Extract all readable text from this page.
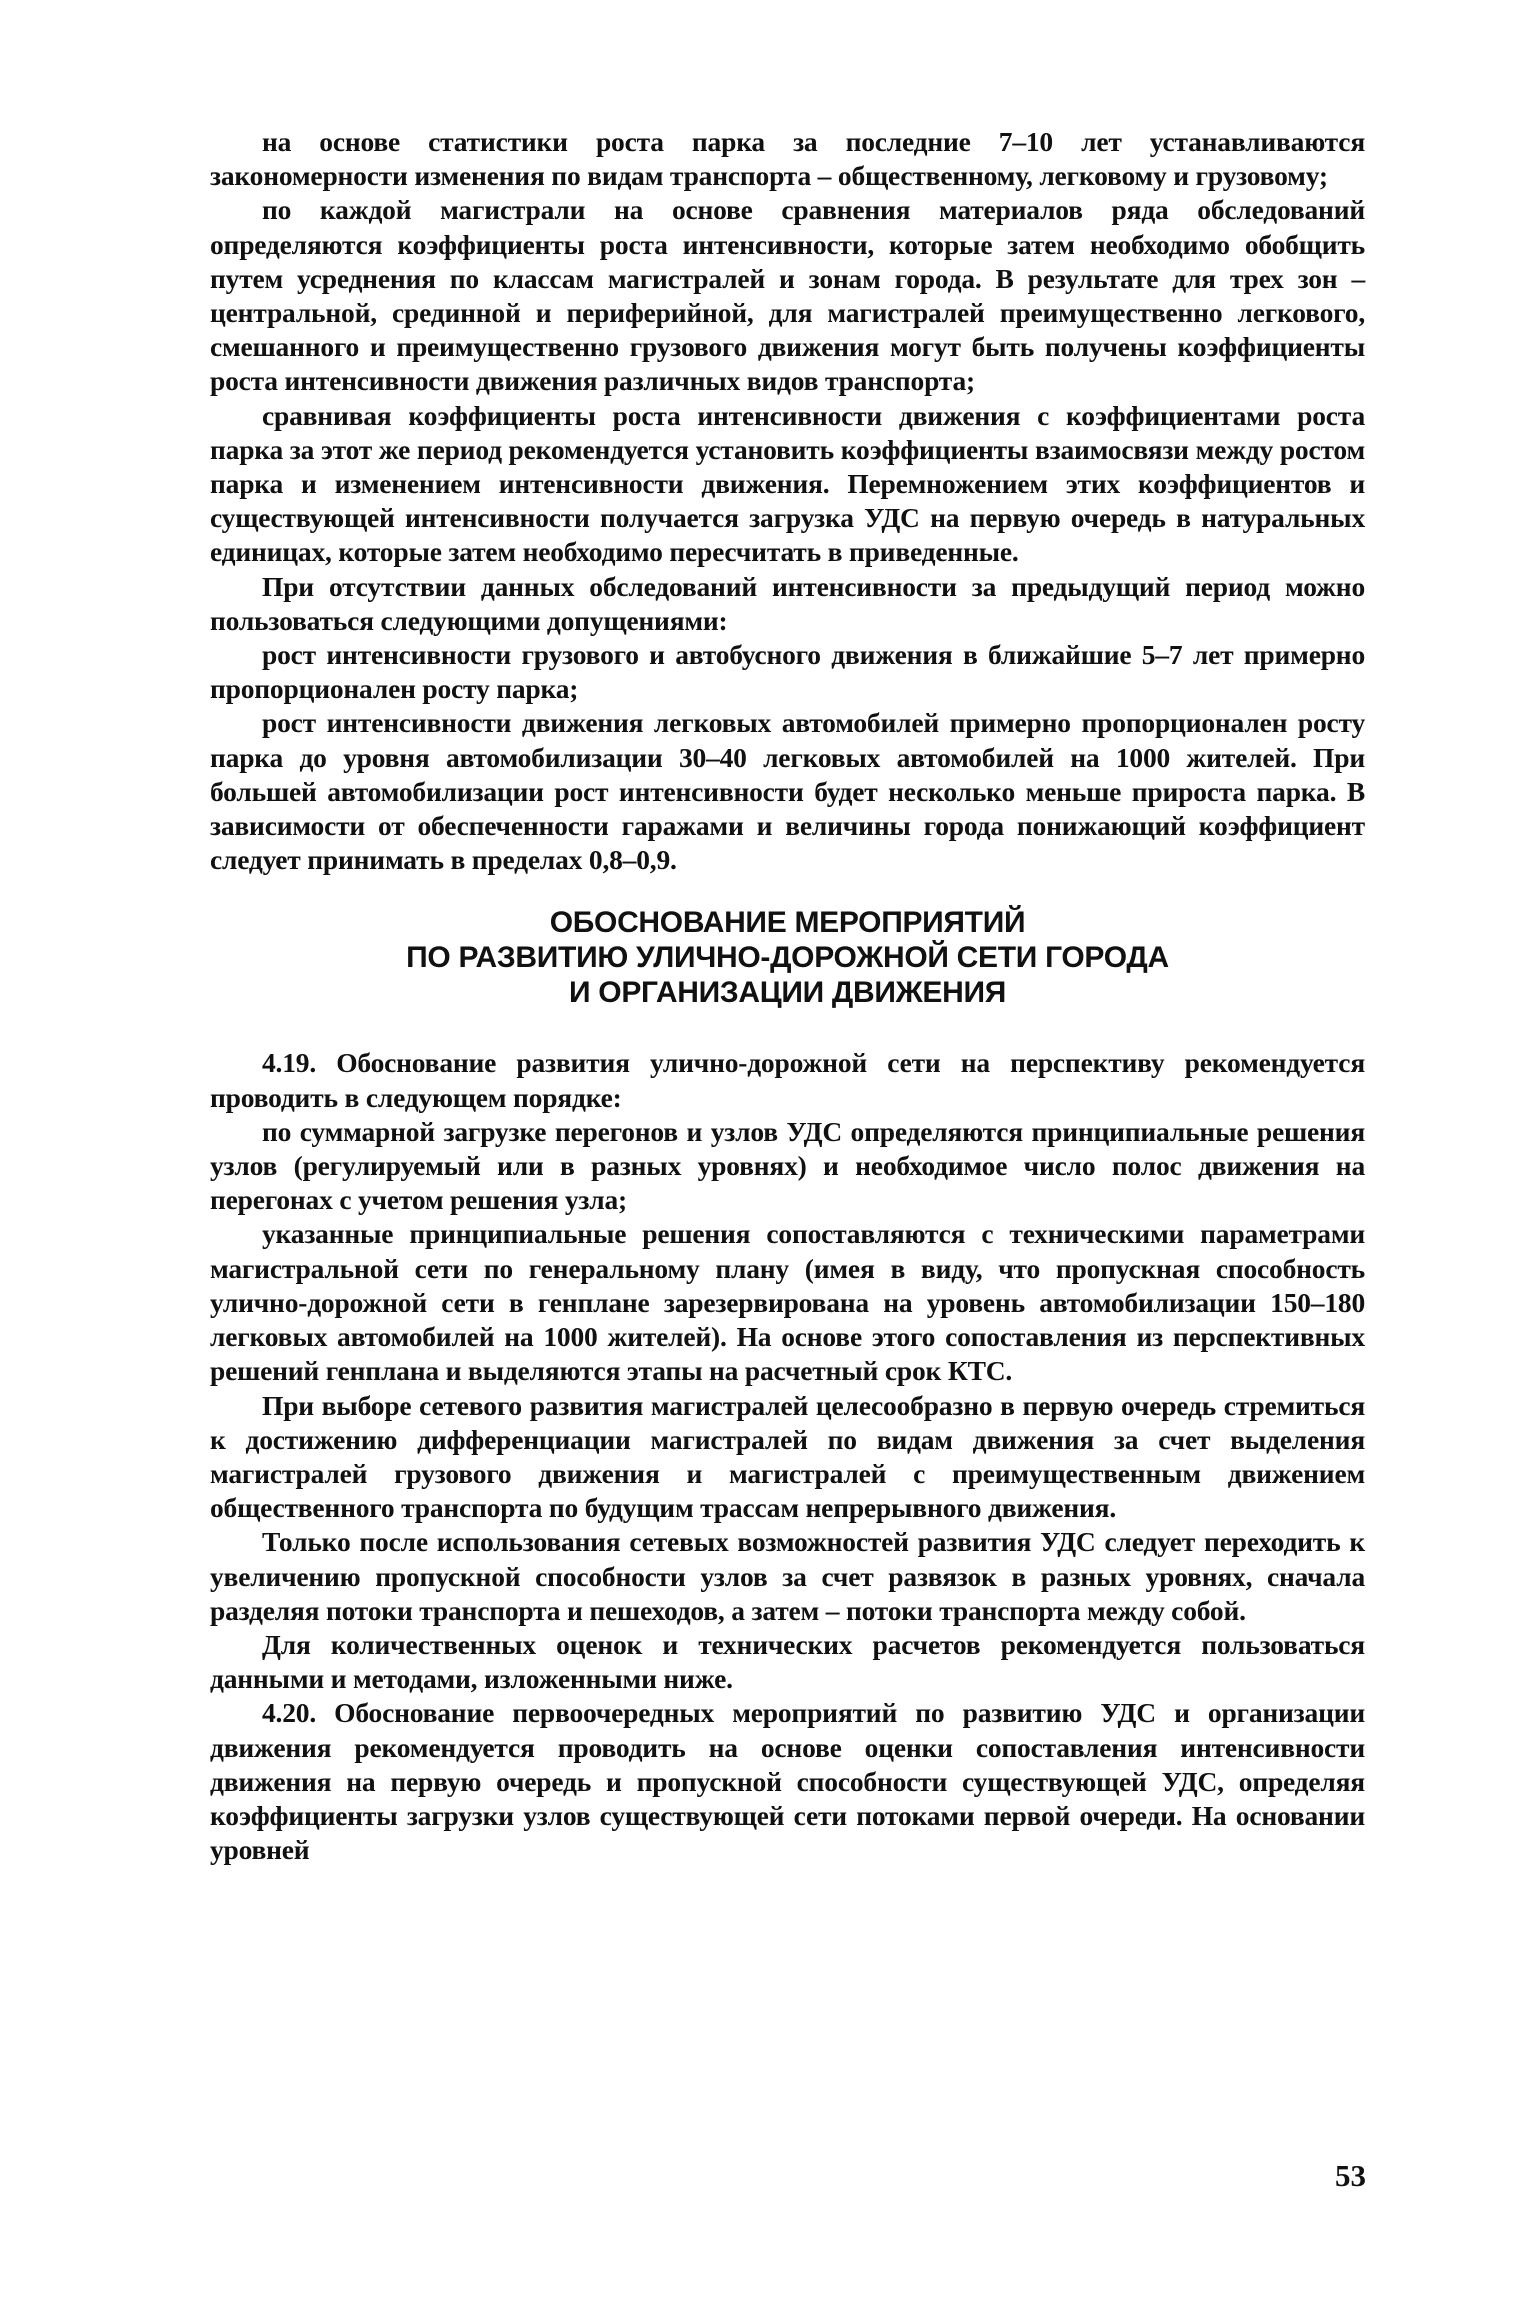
на основе статистики роста парка за последние 7–10 лет устанавливаются закономерности изменения по видам транспорта – общественному, легковому и грузовому;

по каждой магистрали на основе сравнения материалов ряда обследований определяются коэффициенты роста интенсивности, которые затем необходимо обобщить путем усреднения по классам магистралей и зонам города. В результате для трех зон – центральной, срединной и периферийной, для магистралей преимущественно легкового, смешанного и преимущественно грузового движения могут быть получены коэффициенты роста интенсивности движения различных видов транспорта;

сравнивая коэффициенты роста интенсивности движения с коэффициентами роста парка за этот же период рекомендуется установить коэффициенты взаимосвязи между ростом парка и изменением интенсивности движения. Перемножением этих коэффициентов и существующей интенсивности получается загрузка УДС на первую очередь в натуральных единицах, которые затем необходимо пересчитать в приведенные.

При отсутствии данных обследований интенсивности за предыдущий период можно пользоваться следующими допущениями:

рост интенсивности грузового и автобусного движения в ближайшие 5–7 лет примерно пропорционален росту парка;

рост интенсивности движения легковых автомобилей примерно пропорционален росту парка до уровня автомобилизации 30–40 легковых автомобилей на 1000 жителей. При большей автомобилизации рост интенсивности будет несколько меньше прироста парка. В зависимости от обеспеченности гаражами и величины города понижающий коэффициент следует принимать в пределах 0,8–0,9.

ОБОСНОВАНИЕ МЕРОПРИЯТИЙ
ПО РАЗВИТИЮ УЛИЧНО-ДОРОЖНОЙ СЕТИ ГОРОДА
И ОРГАНИЗАЦИИ ДВИЖЕНИЯ

4.19. Обоснование развития улично-дорожной сети на перспективу рекомендуется проводить в следующем порядке:

по суммарной загрузке перегонов и узлов УДС определяются принципиальные решения узлов (регулируемый или в разных уровнях) и необходимое число полос движения на перегонах с учетом решения узла;

указанные принципиальные решения сопоставляются с техническими параметрами магистральной сети по генеральному плану (имея в виду, что пропускная способность улично-дорожной сети в генплане зарезервирована на уровень автомобилизации 150–180 легковых автомобилей на 1000 жителей). На основе этого сопоставления из перспективных решений генплана и выделяются этапы на расчетный срок КТС.

При выборе сетевого развития магистралей целесообразно в первую очередь стремиться к достижению дифференциации магистралей по видам движения за счет выделения магистралей грузового движения и магистралей с преимущественным движением общественного транспорта по будущим трассам непрерывного движения.

Только после использования сетевых возможностей развития УДС следует переходить к увеличению пропускной способности узлов за счет развязок в разных уровнях, сначала разделяя потоки транспорта и пешеходов, а затем – потоки транспорта между собой.

Для количественных оценок и технических расчетов рекомендуется пользоваться данными и методами, изложенными ниже.

4.20. Обоснование первоочередных мероприятий по развитию УДС и организации движения рекомендуется проводить на основе оценки сопоставления интенсивности движения на первую очередь и пропускной способности существующей УДС, определяя коэффициенты загрузки узлов существующей сети потоками первой очереди. На основании уровней

53
